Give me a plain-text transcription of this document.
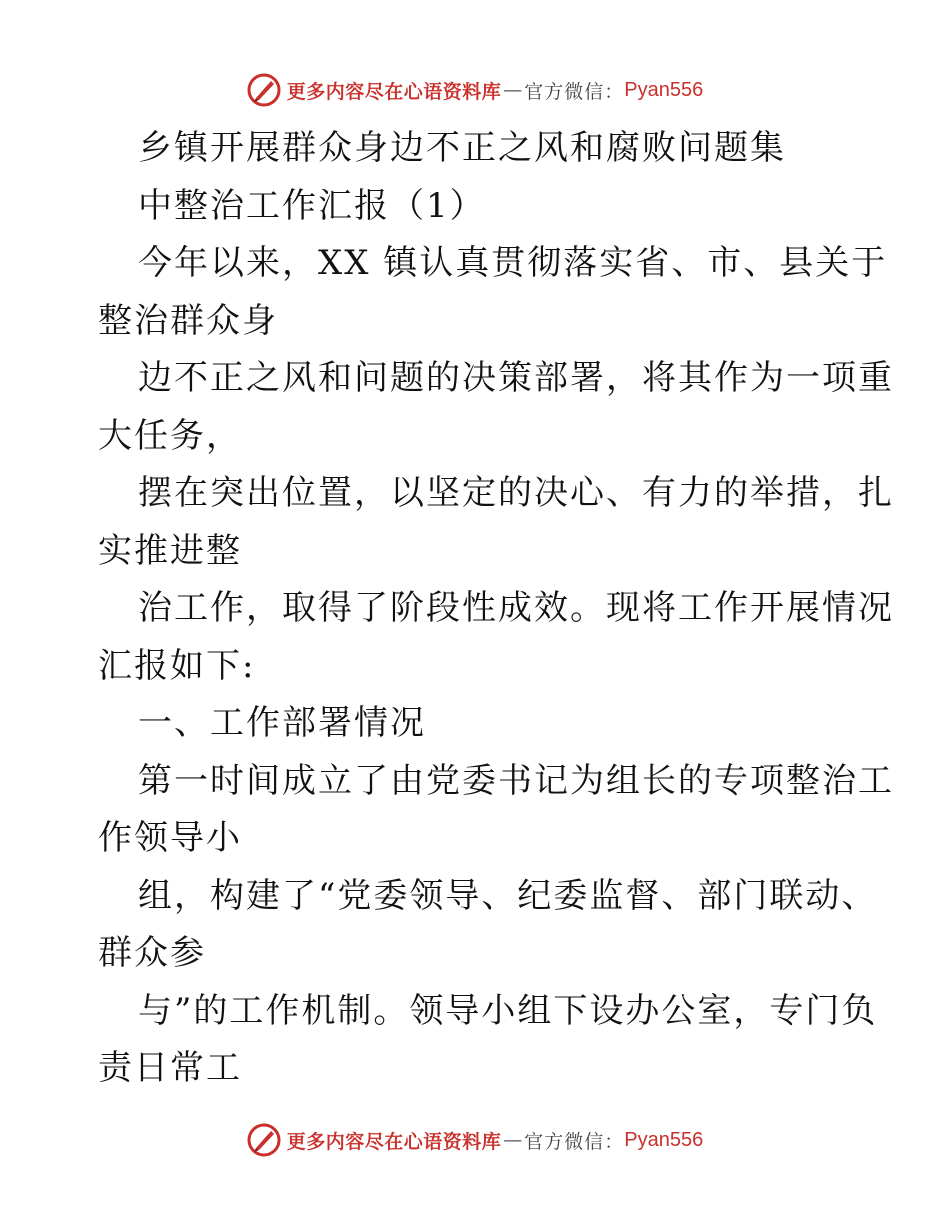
更多内容尽在心语资料库 — 官方微信： Pyan556
乡镇开展群众身边不正之风和腐败问题集
中整治工作汇报（1）
今年以来，XX 镇认真贯彻落实省、市、县关于
整治群众身
边不正之风和问题的决策部署，将其作为一项重
大任务，
摆在突出位置，以坚定的决心、有力的举措，扎
实推进整
治工作，取得了阶段性成效。现将工作开展情况
汇报如下:
一、工作部署情况
第一时间成立了由党委书记为组长的专项整治工
作领导小
组，构建了“党委领导、纪委监督、部门联动、
群众参
与”的工作机制。领导小组下设办公室，专门负
责日常工
更多内容尽在心语资料库 — 官方微信： Pyan556
